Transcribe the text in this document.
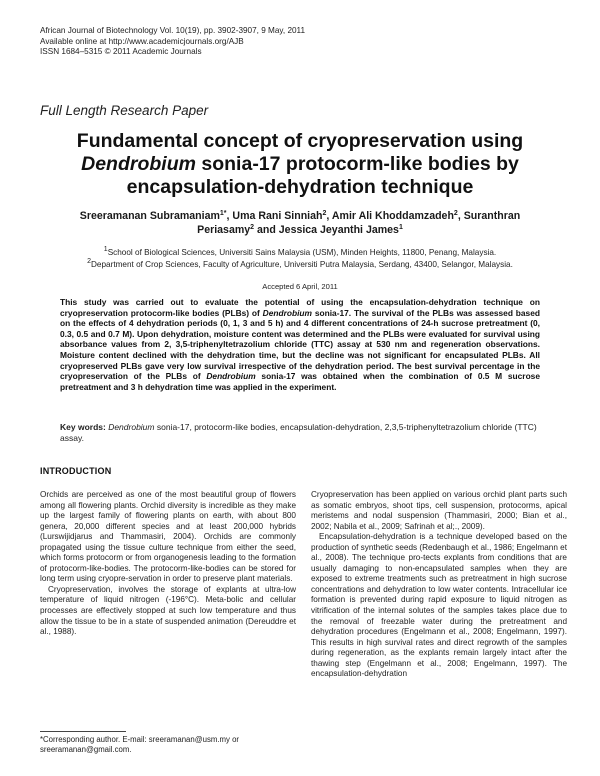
African Journal of Biotechnology Vol. 10(19), pp. 3902-3907, 9 May, 2011
Available online at http://www.academicjournals.org/AJB
ISSN 1684–5315 © 2011 Academic Journals
Full Length Research Paper
Fundamental concept of cryopreservation using
Dendrobium sonia-17 protocorm-like bodies by
encapsulation-dehydration technique
Sreeramanan Subramaniam$^{1*}$, Uma Rani Sinniah$^2$, Amir Ali Khoddamzadeh$^2$, Suranthran
Periasamy$^2$ and Jessica Jeyanthi James$^1$
$^1$School of Biological Sciences, Universiti Sains Malaysia (USM), Minden Heights, 11800, Penang, Malaysia.
$^2$Department of Crop Sciences, Faculty of Agriculture, Universiti Putra Malaysia, Serdang, 43400, Selangor, Malaysia.
Accepted 6 April, 2011
This study was carried out to evaluate the potential of using the encapsulation-dehydration technique on cryopreservation protocorm-like bodies (PLBs) of Dendrobium sonia-17. The survival of the PLBs was assessed based on the effects of 4 dehydration periods (0, 1, 3 and 5 h) and 4 different concentrations of 24-h sucrose pretreatment (0, 0.3, 0.5 and 0.7 M). Upon dehydration, moisture content was determined and the PLBs were evaluated for survival using absorbance values from 2, 3,5-triphenyltetrazolium chloride (TTC) assay at 530 nm and regeneration observations. Moisture content declined with the dehydration time, but the decline was not significant for encapsulated PLBs. All cryopreserved PLBs gave very low survival irrespective of the dehydration period. The best survival percentage in the cryopreservation of the PLBs of Dendrobium sonia-17 was obtained when the combination of 0.5 M sucrose pretreatment and 3 h dehydration time was applied in the experiment.
Key words: Dendrobium sonia-17, protocorm-like bodies, encapsulation-dehydration, 2,3,5-triphenyltetrazolium chloride (TTC) assay.
INTRODUCTION

Orchids are perceived as one of the most beautiful group of flowers among all flowering plants. Orchid diversity is incredible as they make up the largest family of flowering plants on earth, with about 800 genera, 20,000 different species and at least 200,000 hybrids (Lurswijidjarus and Thammasiri, 2004). Orchids are commonly propagated using the tissue culture technique from either the seed, which forms protocorm or from organogenesis leading to the formation of protocorm-like-bodies. The protocorm-like-bodies can be stored for long term using cryopre-servation in order to preserve plant materials.

Cryopreservation, involves the storage of explants at ultra-low temperature of liquid nitrogen (-196°C). Meta-bolic and cellular processes are effectively stopped at such low temperature and thus allow the tissue to be in a state of suspended animation (Dereuddre et al., 1988).

Cryopreservation has been applied on various orchid plant parts such as somatic embryos, shoot tips, cell suspension, protocorms, apical meristems and nodal suspension (Thammasiri, 2000; Bian et al., 2002; Nabila et al., 2009; Safrinah et al;., 2009).

Encapsulation-dehydration is a technique developed based on the production of synthetic seeds (Redenbaugh et al., 1986; Engelmann et al., 2008). The technique pro-tects explants from conditions that are usually damaging to non-encapsulated samples when they are exposed to extreme treatments such as pretreatment in high sucrose concentrations and dehydration to low water contents. Intracellular ice formation is prevented during rapid exposure to liquid nitrogen as vitrification of the internal solutes of the samples takes place due to the removal of freezable water during the pretreatment and dehydration procedures (Engelmann et al., 2008; Engelmann, 1997). This results in high survival rates and direct regrowth of the samples during regeneration, as the explants remain largely intact after the thawing step (Engelmann et al., 2008; Engelmann, 1997). The encapsulation-dehydration

*Corresponding author. E-mail: sreeramanan@usm.my or sreeramanan@gmail.com.
